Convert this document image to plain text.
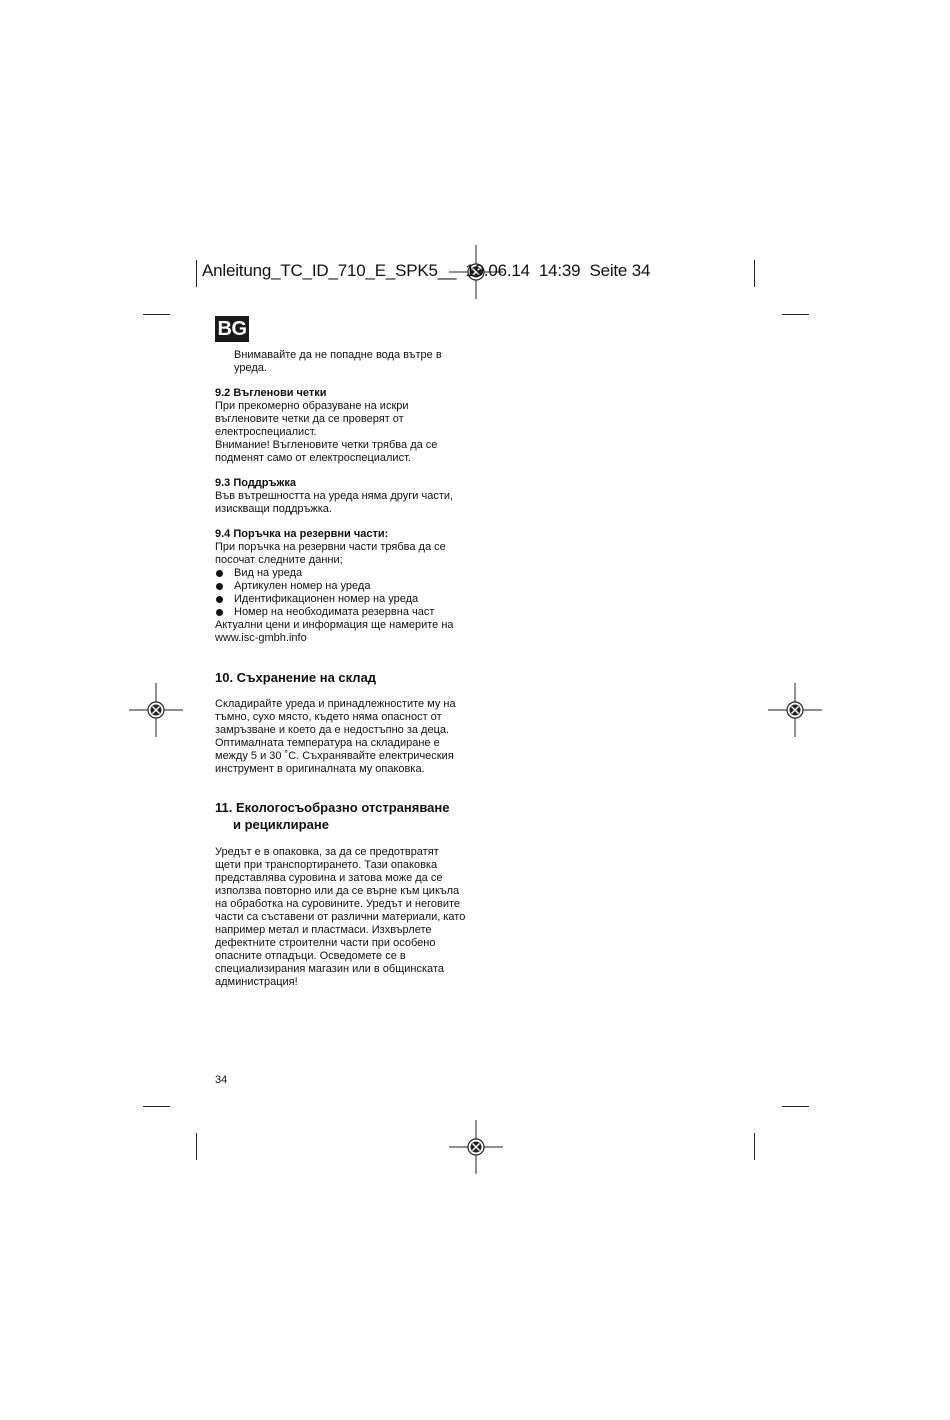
Anleitung_TC_ID_710_E_SPK5__ 19.06.14 14:39 Seite 34
BG

Внимавайте да не попадне вода вътре в

уреда.

9.2 Въгленови четки

При прекомерно образуване на искри

въгленовите четки да се проверят от

електроспециалист.

Внимание! Въгленовите четки трябва да се

подменят само от електроспециалист.

9.3 Поддръжка

Във вътрешността на уреда няма други части,

изискващи поддръжка.

9.4 Поръчка на резервни части:

При поръчка на резервни части трябва да се

посочат следните данни;

Вид на уреда

Артикулен номер на уреда

Идентификационен номер на уреда

Номер на необходимата резервна част

Актуални цени и информация ще намерите на

www.isc-gmbh.info

10. Съхранение на склад

Складирайте уреда и принадлежностите му на

тъмно, сухо място, където няма опасност от

замръзване и което да е недостъпно за деца.

Оптималната температура на складиране е

между 5 и 30 ˚C. Съхранявайте електрическия

инструмент в оригиналната му опаковка.

11. Екологосъобразно отстраняване
и рециклиране

Уредът е в опаковка, за да се предотвратят

щети при транспортирането. Тази опаковка

представлява суровина и затова може да се

използва повторно или да се върне към цикъла

на обработка на суровините. Уредът и неговите

части са съставени от различни материали, като

например метал и пластмаси. Изхвърлете

дефектните строителни части при особено

опасните отпадъци. Осведомете се в

специализирания магазин или в общинската

администрация!

34
